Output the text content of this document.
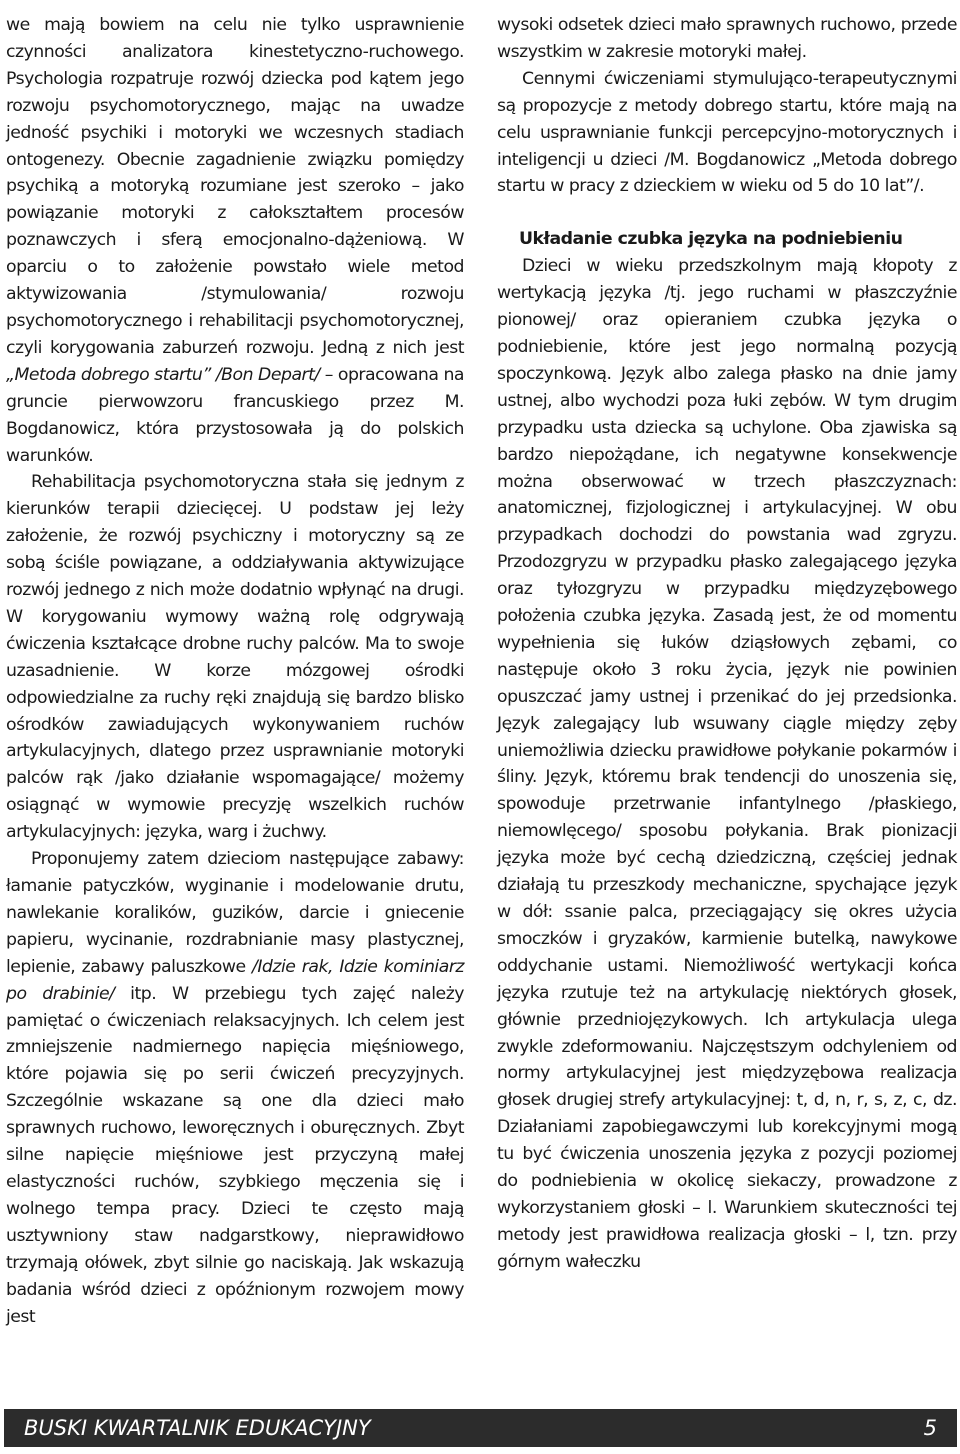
we mają bowiem na celu nie tylko usprawnienie czynności analizatora kinestetyczno-ruchowego. Psychologia rozpatruje rozwój dziecka pod kątem jego rozwoju psychomotorycznego, mając na uwadze jedność psychiki i motoryki we wczesnych stadiach ontogenezy. Obecnie zagadnienie związku pomiędzy psychiką a motoryką rozumiane jest szeroko – jako powiązanie motoryki z całokształtem procesów poznawczych i sferą emocjonalno-dążeniową. W oparciu o to założenie powstało wiele metod aktywizowania /stymulowania/ rozwoju psychomotorycznego i rehabilitacji psychomotorycznej, czyli korygowania zaburzeń rozwoju. Jedną z nich jest „Metoda dobrego startu” /Bon Depart/ – opracowana na gruncie pierwowzoru francuskiego przez M. Bogdanowicz, która przystosowała ją do polskich warunków.

Rehabilitacja psychomotoryczna stała się jednym z kierunków terapii dziecięcej. U podstaw jej leży założenie, że rozwój psychiczny i motoryczny są ze sobą ściśle powiązane, a oddziaływania aktywizujące rozwój jednego z nich może dodatnio wpłynąć na drugi. W korygowaniu wymowy ważną rolę odgrywają ćwiczenia kształcące drobne ruchy palców. Ma to swoje uzasadnienie. W korze mózgowej ośrodki odpowiedzialne za ruchy ręki znajdują się bardzo blisko ośrodków zawiadujących wykonywaniem ruchów artykulacyjnych, dlatego przez usprawnianie motoryki palców rąk /jako działanie wspomagające/ możemy osiągnąć w wymowie precyzję wszelkich ruchów artykulacyjnych: języka, warg i żuchwy.

Proponujemy zatem dzieciom następujące zabawy: łamanie patyczków, wyginanie i modelowanie drutu, nawlekanie koralików, guzików, darcie i gniecenie papieru, wycinanie, rozdrabnianie masy plastycznej, lepienie, zabawy paluszkowe /Idzie rak, Idzie kominiarz po drabinie/ itp. W przebiegu tych zajęć należy pamiętać o ćwiczeniach relaksacyjnych. Ich celem jest zmniejszenie nadmiernego napięcia mięśniowego, które pojawia się po serii ćwiczeń precyzyjnych. Szczególnie wskazane są one dla dzieci mało sprawnych ruchowo, leworęcznych i oburęcznych. Zbyt silne napięcie mięśniowe jest przyczyną małej elastyczności ruchów, szybkiego męczenia się i wolnego tempa pracy. Dzieci te często mają usztywniony staw nadgarstkowy, nieprawidłowo trzymają ołówek, zbyt silnie go naciskają. Jak wskazują badania wśród dzieci z opóźnionym rozwojem mowy jest

wysoki odsetek dzieci mało sprawnych ruchowo, przede wszystkim w zakresie motoryki małej.

Cennymi ćwiczeniami stymulująco-terapeutycznymi są propozycje z metody dobrego startu, które mają na celu usprawnianie funkcji percepcyjno-motorycznych i inteligencji u dzieci /M. Bogdanowicz „Metoda dobrego startu w pracy z dzieckiem w wieku od 5 do 10 lat”/.

Układanie czubka języka na podniebieniu

Dzieci w wieku przedszkolnym mają kłopoty z wertykacją języka /tj. jego ruchami w płaszczyźnie pionowej/ oraz opieraniem czubka języka o podniebienie, które jest jego normalną pozycją spoczynkową. Język albo zalega płasko na dnie jamy ustnej, albo wychodzi poza łuki zębów. W tym drugim przypadku usta dziecka są uchylone. Oba zjawiska są bardzo niepożądane, ich negatywne konsekwencje można obserwować w trzech płaszczyznach: anatomicznej, fizjologicznej i artykulacyjnej. W obu przypadkach dochodzi do powstania wad zgryzu. Przodozgryzu w przypadku płasko zalegającego języka oraz tyłozgryzu w przypadku międzyzębowego położenia czubka języka. Zasadą jest, że od momentu wypełnienia się łuków dziąsłowych zębami, co następuje około 3 roku życia, język nie powinien opuszczać jamy ustnej i przenikać do jej przedsionka. Język zalegający lub wsuwany ciągle między zęby uniemożliwia dziecku prawidłowe połykanie pokarmów i śliny. Język, któremu brak tendencji do unoszenia się, spowoduje przetrwanie infantylnego /płaskiego, niemowlęcego/ sposobu połykania. Brak pionizacji języka może być cechą dziedziczną, częściej jednak działają tu przeszkody mechaniczne, spychające język w dół: ssanie palca, przeciągający się okres użycia smoczków i gryzaków, karmienie butelką, nawykowe oddychanie ustami. Niemożliwość wertykacji końca języka rzutuje też na artykulację niektórych głosek, głównie przedniojęzykowych. Ich artykulacja ulega zwykle zdeformowaniu. Najczęstszym odchyleniem od normy artykulacyjnej jest międzyzębowa realizacja głosek drugiej strefy artykulacyjnej: t, d, n, r, s, z, c, dz. Działaniami zapobiegawczymi lub korekcyjnymi mogą tu być ćwiczenia unoszenia języka z pozycji poziomej do podniebienia w okolicę siekaczy, prowadzone z wykorzystaniem głoski – l. Warunkiem skuteczności tej metody jest prawidłowa realizacja głoski – l, tzn. przy górnym wałeczku

BUSKI KWARTALNIK EDUKACYJNY	5
